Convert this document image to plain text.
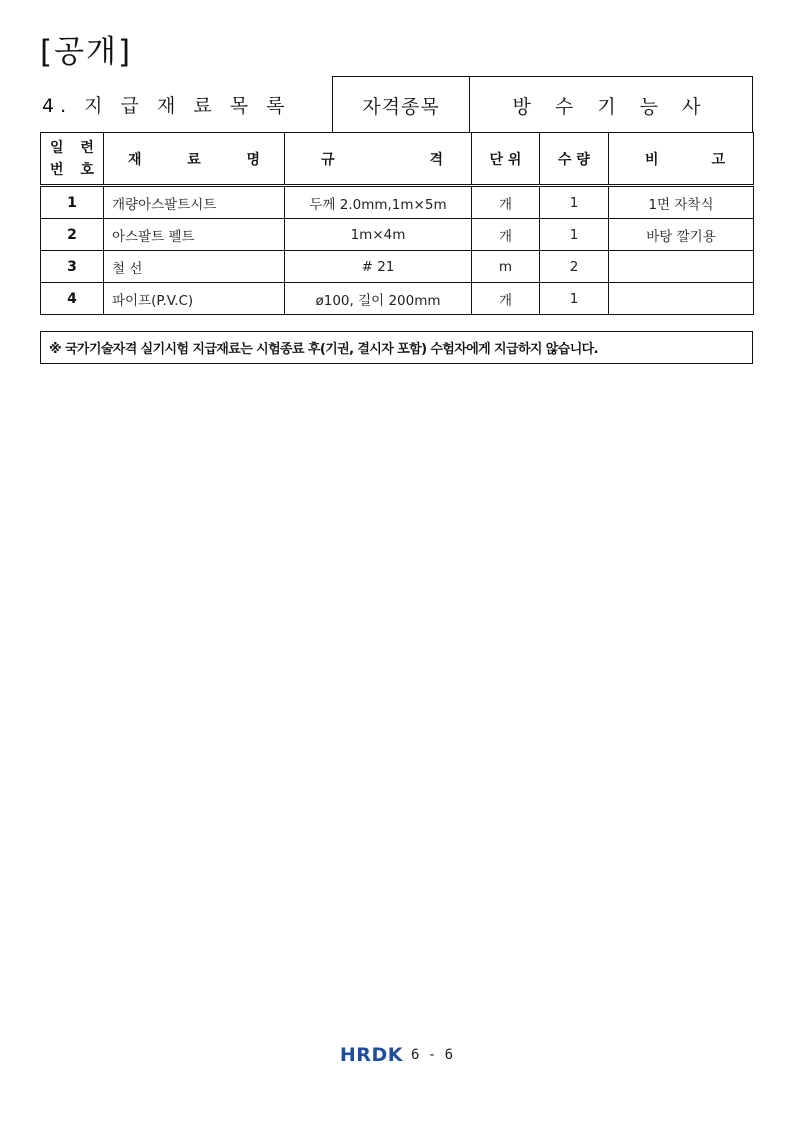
[공개]
4. 지 급 재 료 목 록	자격종목	방 수 기 능 사
일 련
번 호	재 료 명	규 격	단 위	수 량	비 고

1	개량아스팔트시트	두께 2.0mm,1m×5m	개	1	1면 자착식
2	아스팔트 펠트	1m×4m	개	1	바탕 깔기용
3	철 선	# 21	m	2	
4	파이프(P.V.C)	ø100, 길이 200mm	개	1	
※ 국가기술자격 실기시험 지급재료는 시험종료 후(기권, 결시자 포함) 수험자에게 지급하지 않습니다.
HRDK 6 - 6
